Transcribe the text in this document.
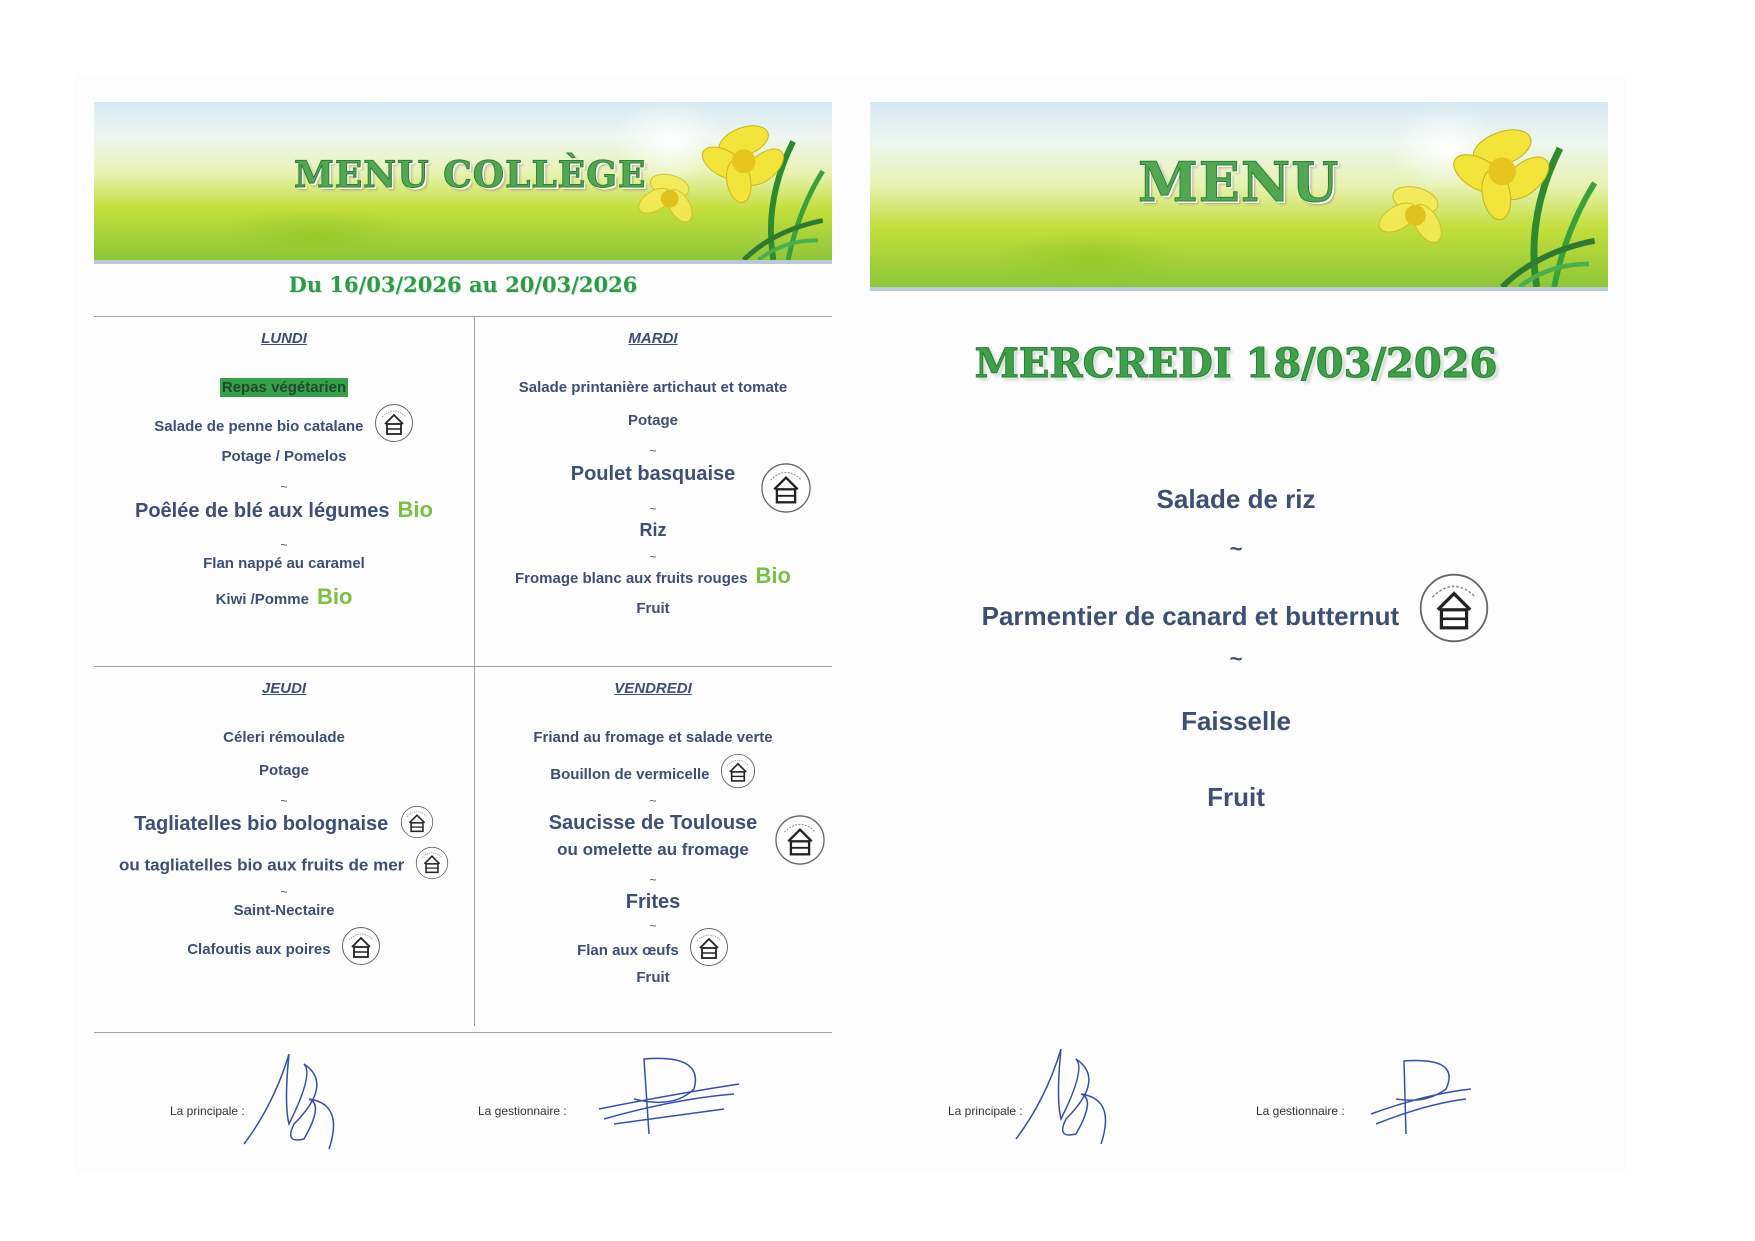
MENU COLLÈGE
Du 16/03/2026 au 20/03/2026
LUNDI
Repas végétarien
Salade de penne bio catalane
Potage / Pomelos
~
Poêlée de blé aux légumes Bio
~
Flan nappé au caramel
Kiwi /Pomme Bio
MARDI
Salade printanière artichaut et tomate
Potage
~
Poulet basquaise
~
Riz
~
Fromage blanc aux fruits rouges Bio
Fruit
JEUDI
Céleri rémoulade
Potage
~
Tagliatelles bio bolognaise
ou tagliatelles bio aux fruits de mer
~
Saint-Nectaire
Clafoutis aux poires
VENDREDI
Friand au fromage et salade verte
Bouillon de vermicelle
~
Saucisse de Toulouse
ou omelette au fromage
~
Frites
~
Flan aux œufs
Fruit
La principale :	La gestionnaire :
MENU
MERCREDI 18/03/2026
Salade de riz
~
Parmentier de canard et butternut
~
Faisselle
Fruit
La principale :	La gestionnaire :
